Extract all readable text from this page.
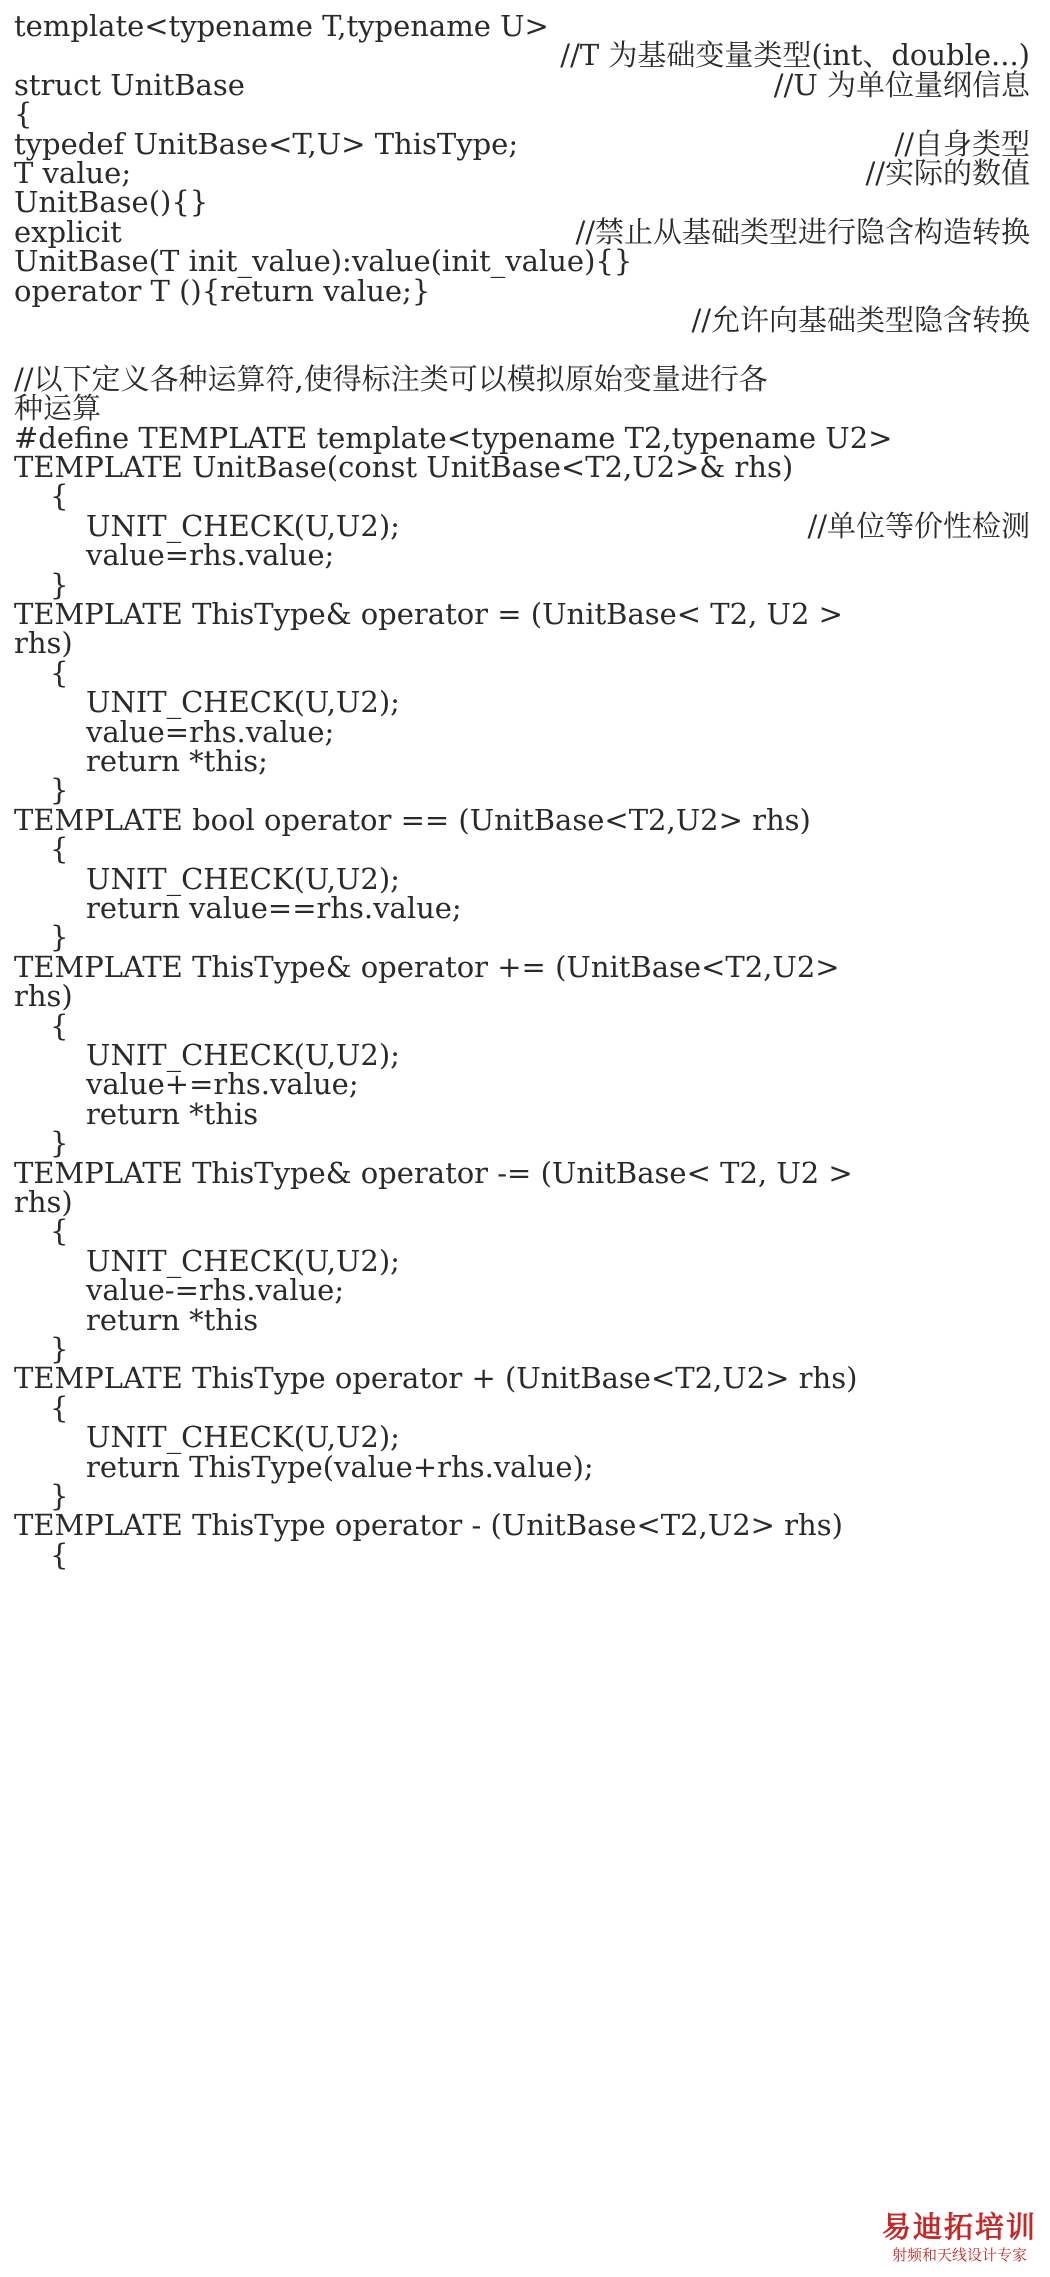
template<typename T,typename U>
//T 为基础变量类型(int、double...)
struct UnitBase	//U 为单位量纲信息
{
typedef UnitBase<T,U> ThisType;	//自身类型
T value;	//实际的数值
UnitBase(){}
explicit	//禁止从基础类型进行隐含构造转换
UnitBase(T init_value):value(init_value){}
operator T (){return value;}
//允许向基础类型隐含转换
//以下定义各种运算符,使得标注类可以模拟原始变量进行各
种运算
#define TEMPLATE template<typename T2,typename U2>
TEMPLATE UnitBase(const UnitBase<T2,U2>& rhs)
{
UNIT_CHECK(U,U2);	//单位等价性检测
value=rhs.value;
}
TEMPLATE ThisType& operator = (UnitBase< T2, U2 >
rhs)
{
UNIT_CHECK(U,U2);
value=rhs.value;
return *this;
}
TEMPLATE bool operator == (UnitBase<T2,U2> rhs)
{
UNIT_CHECK(U,U2);
return value==rhs.value;
}
TEMPLATE ThisType& operator += (UnitBase<T2,U2>
rhs)
{
UNIT_CHECK(U,U2);
value+=rhs.value;
return *this
}
TEMPLATE ThisType& operator -= (UnitBase< T2, U2 >
rhs)
{
UNIT_CHECK(U,U2);
value-=rhs.value;
return *this
}
TEMPLATE ThisType operator + (UnitBase<T2,U2> rhs)
{
UNIT_CHECK(U,U2);
return ThisType(value+rhs.value);
}
TEMPLATE ThisType operator - (UnitBase<T2,U2> rhs)
{
易迪拓培训
射频和天线设计专家
